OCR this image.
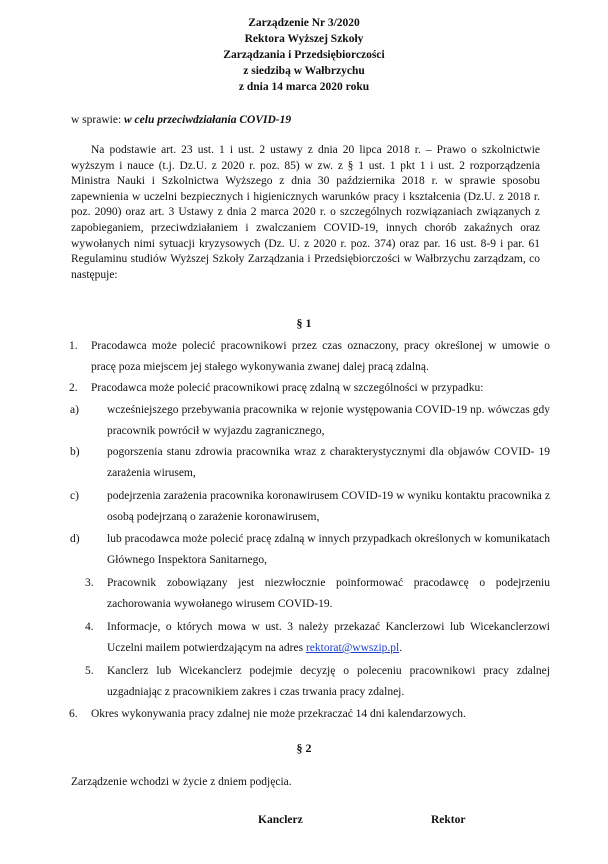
Zarządzenie Nr 3/2020
Rektora Wyższej Szkoły
Zarządzania i Przedsiębiorczości
z siedzibą w Wałbrzychu
z dnia 14 marca 2020 roku
w sprawie: w celu przeciwdziałania COVID-19

Na podstawie art. 23 ust. 1 i ust. 2 ustawy z dnia 20 lipca 2018 r. – Prawo o szkolnictwie wyższym i nauce (t.j. Dz.U. z 2020 r. poz. 85) w zw. z § 1 ust. 1 pkt 1 i ust. 2 rozporządzenia Ministra Nauki i Szkolnictwa Wyższego z dnia 30 października 2018 r. w sprawie sposobu zapewnienia w uczelni bezpiecznych i higienicznych warunków pracy i kształcenia (Dz.U. z 2018 r. poz. 2090) oraz art. 3 Ustawy z dnia 2 marca 2020 r. o szczególnych rozwiązaniach związanych z zapobieganiem, przeciwdziałaniem i zwalczaniem COVID-19, innych chorób zakaźnych oraz wywołanych nimi sytuacji kryzysowych (Dz. U. z 2020 r. poz. 374) oraz par. 16 ust. 8-9 i par. 61 Regulaminu studiów Wyższej Szkoły Zarządzania i Przedsiębiorczości w Wałbrzychu zarządzam, co następuje:

§ 1

1. Pracodawca może polecić pracownikowi przez czas oznaczony, pracy określonej w umowie o pracę poza miejscem jej stałego wykonywania zwanej dalej pracą zdalną.

2. Pracodawca może polecić pracownikowi pracę zdalną w szczególności w przypadku:

a) wcześniejszego przebywania pracownika w rejonie występowania COVID-19 np. wówczas gdy pracownik powrócił w wyjazdu zagranicznego,

b) pogorszenia stanu zdrowia pracownika wraz z charakterystycznymi dla objawów COVID- 19 zarażenia wirusem,

c) podejrzenia zarażenia pracownika koronawirusem COVID-19 w wyniku kontaktu pracownika z osobą podejrzaną o zarażenie koronawirusem,

d) lub pracodawca może polecić pracę zdalną w innych przypadkach określonych w komunikatach Głównego Inspektora Sanitarnego,

3. Pracownik zobowiązany jest niezwłocznie poinformować pracodawcę o podejrzeniu zachorowania wywołanego wirusem COVID-19.

4. Informacje, o których mowa w ust. 3 należy przekazać Kanclerzowi lub Wicekanclerzowi Uczelni mailem potwierdzającym na adres rektorat@wwszip.pl.

5. Kanclerz lub Wicekanclerz podejmie decyzję o poleceniu pracownikowi pracy zdalnej uzgadniając z pracownikiem zakres i czas trwania pracy zdalnej.

6. Okres wykonywania pracy zdalnej nie może przekraczać 14 dni kalendarzowych.

§ 2
Zarządzenie wchodzi w życie z dniem podjęcia.
Kanclerz	Rektor
